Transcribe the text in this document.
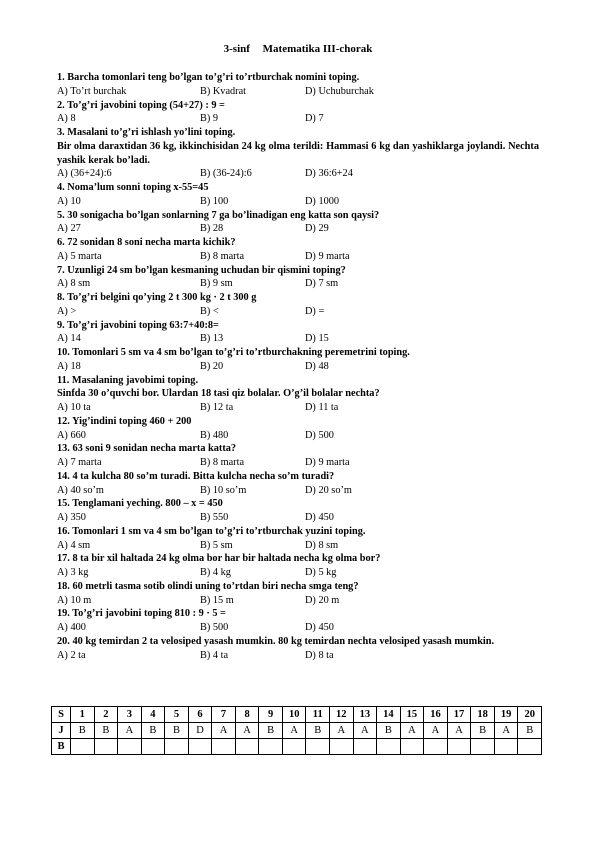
3-sinf Matematika III-chorak
1. Barcha tomonlari teng bo’lgan to’g’ri to’rtburchak nomini toping.
A) To’rt burchak	B) Kvadrat	D) Uchuburchak
2. To’g’ri javobini toping (54+27) : 9 =
A) 8	B) 9	D) 7
3. Masalani to’g’ri ishlash yo’lini toping.
Bir olma daraxtidan 36 kg, ikkinchisidan 24 kg olma terildi: Hammasi 6 kg dan yashiklarga joylandi. Nechta yashik kerak bo’ladi.
A) (36+24):6	B) (36-24):6	D) 36:6+24
4. Noma’lum sonni toping x-55=45
A) 10	B) 100	D) 1000
5. 30 sonigacha bo’lgan sonlarning 7 ga bo’linadigan eng katta son qaysi?
A) 27	B) 28	D) 29
6. 72 sonidan 8 soni necha marta kichik?
A) 5 marta	B) 8 marta	D) 9 marta
7. Uzunligi 24 sm bo’lgan kesmaning uchudan bir qismini toping?
A) 8 sm	B) 9 sm	D) 7 sm
8. To’g’ri belgini qo’ying 2 t 300 kg · 2 t 300 g
A) >	B) <	D) =
9. To’g’ri javobini toping 63:7+40:8=
A) 14	B) 13	D) 15
10. Tomonlari 5 sm va 4 sm bo’lgan to’g’ri to’rtburchakning peremetrini toping.
A) 18	B) 20	D) 48
11. Masalaning javobimi toping.
Sinfda 30 o’quvchi bor. Ulardan 18 tasi qiz bolalar. O’g’il bolalar nechta?
A) 10 ta	B) 12 ta	D) 11 ta
12. Yig’indini toping 460 + 200
A) 660	B) 480	D) 500
13. 63 soni 9 sonidan necha marta katta?
A) 7 marta	B) 8 marta	D) 9 marta
14. 4 ta kulcha 80 so’m turadi. Bitta kulcha necha so’m turadi?
A) 40 so’m	B) 10 so’m	D) 20 so’m
15. Tenglamani yeching. 800 – x = 450
A) 350	B) 550	D) 450
16. Tomonlari 1 sm va 4 sm bo’lgan to’g’ri to’rtburchak yuzini toping.
A) 4 sm	B) 5 sm	D) 8 sm
17. 8 ta bir xil haltada 24 kg olma bor har bir haltada necha kg olma bor?
A) 3 kg	B) 4 kg	D) 5 kg
18. 60 metrli tasma sotib olindi uning to’rtdan biri necha smga teng?
A) 10 m	B) 15 m	D) 20 m
19. To’g’ri javobini toping 810 : 9 · 5 =
A) 400	B) 500	D) 450
20. 40 kg temirdan 2 ta velosiped yasash mumkin. 80 kg temirdan nechta velosiped yasash mumkin.
A) 2 ta	B) 4 ta	D) 8 ta
S	1	2	3	4	5	6	7	8	9	10	11	12	13	14	15	16	17	18	19	20
J	B	B	A	B	B	D	A	A	B	A	B	A	A	B	A	A	A	B	A	B
B																				
